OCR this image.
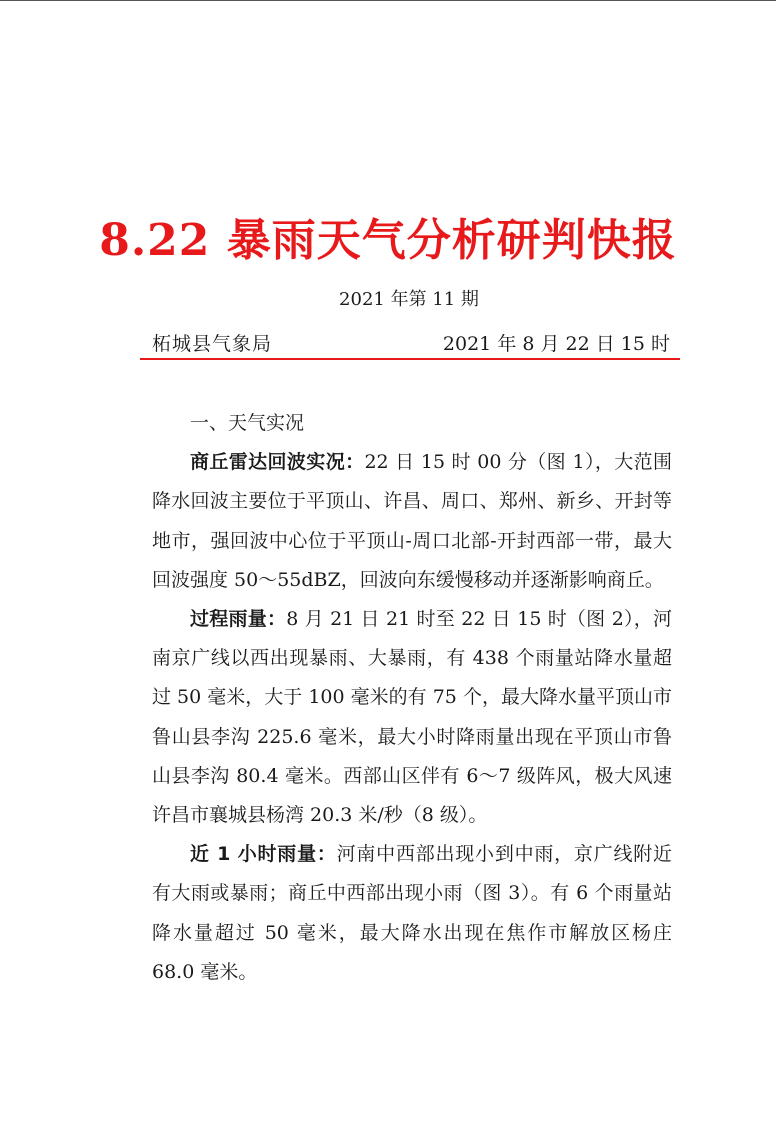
8.22 暴雨天气分析研判快报
2021 年第 11 期
柘城县气象局	2021 年 8 月 22 日 15 时
一、天气实况

商丘雷达回波实况：22 日 15 时 00 分（图 1），大范围降水回波主要位于平顶山、许昌、周口、郑州、新乡、开封等地市，强回波中心位于平顶山-周口北部-开封西部一带，最大回波强度 50～55dBZ，回波向东缓慢移动并逐渐影响商丘。

过程雨量：8 月 21 日 21 时至 22 日 15 时（图 2），河南京广线以西出现暴雨、大暴雨，有 438 个雨量站降水量超过 50 毫米，大于 100 毫米的有 75 个，最大降水量平顶山市鲁山县李沟 225.6 毫米，最大小时降雨量出现在平顶山市鲁山县李沟 80.4 毫米。西部山区伴有 6～7 级阵风，极大风速许昌市襄城县杨湾 20.3 米/秒（8 级）。

近 1 小时雨量：河南中西部出现小到中雨，京广线附近有大雨或暴雨；商丘中西部出现小雨（图 3）。有 6 个雨量站降水量超过 50 毫米，最大降水出现在焦作市解放区杨庄 68.0 毫米。
